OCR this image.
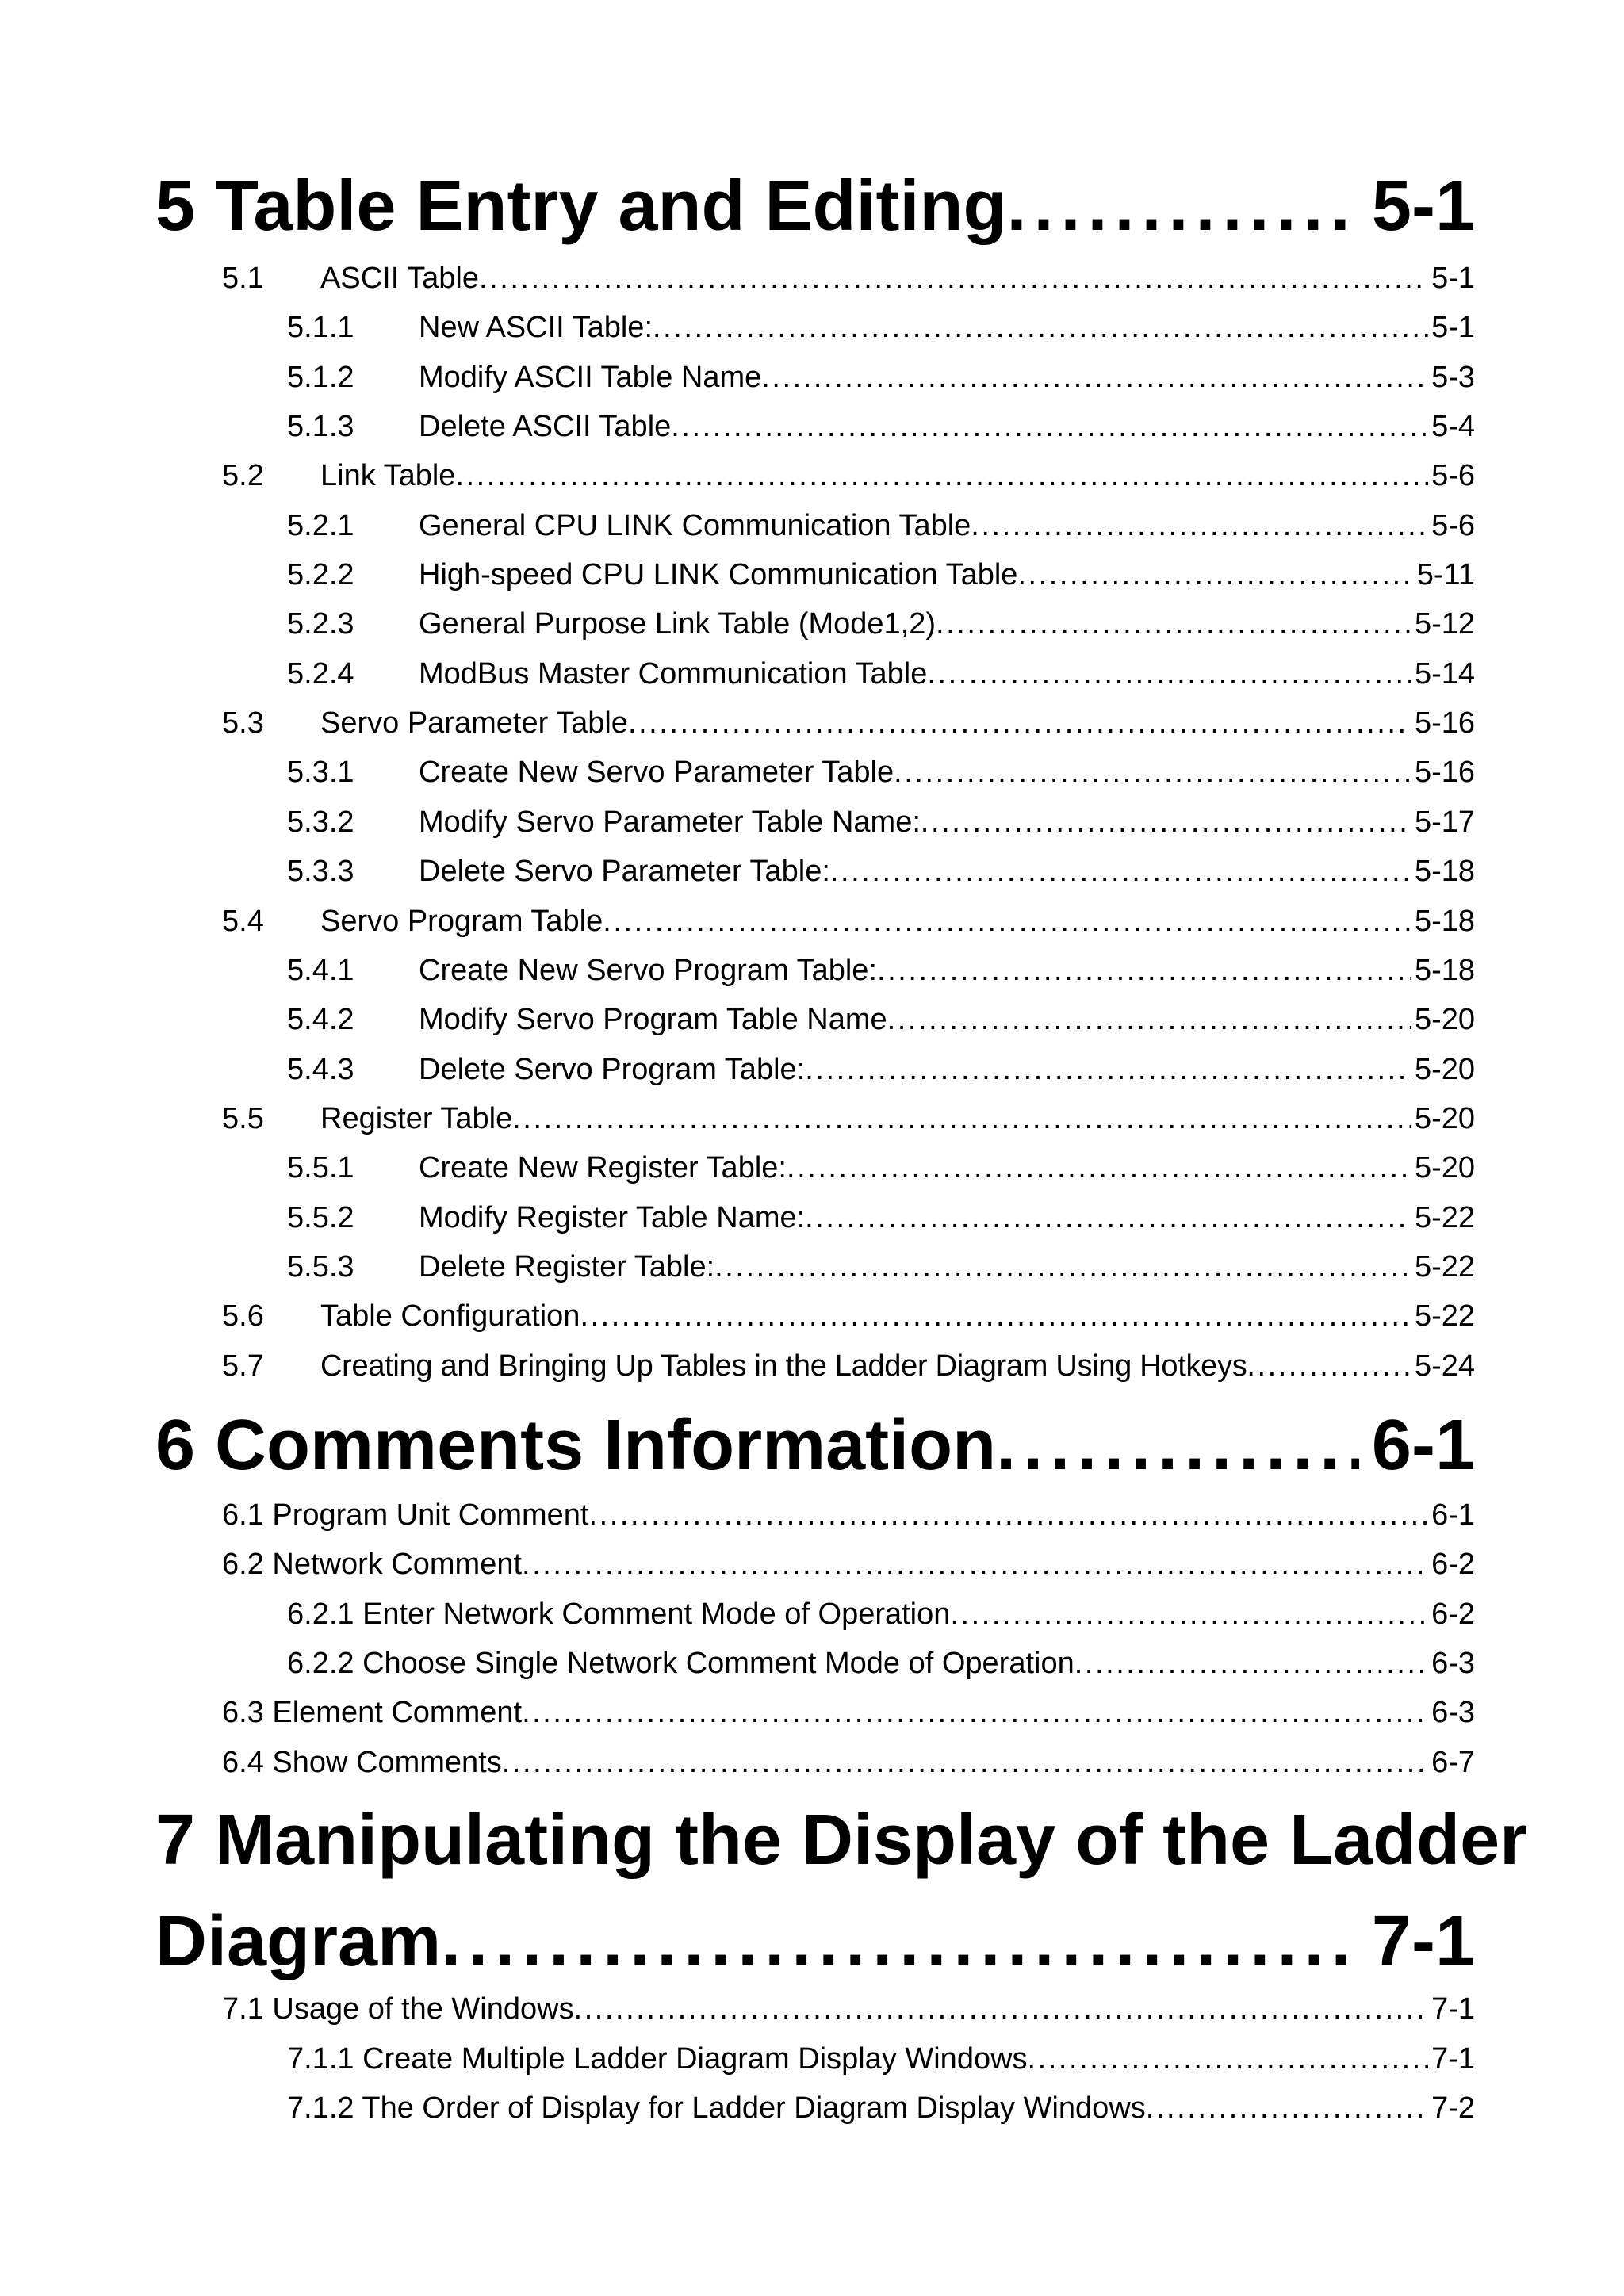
5 Table Entry and Editing . . .	5-1
5.1	ASCII Table . . .	5-1
5.1.1	New ASCII Table: . . .	5-1
5.1.2	Modify ASCII Table Name . . .	5-3
5.1.3	Delete ASCII Table . . .	5-4
5.2	Link Table . . .	5-6
5.2.1	General CPU LINK Communication Table . . .	5-6
5.2.2	High-speed CPU LINK Communication Table . . .	5-11
5.2.3	General Purpose Link Table (Mode1,2) . . .	5-12
5.2.4	ModBus Master Communication Table . . .	5-14
5.3	Servo Parameter Table . . .	5-16
5.3.1	Create New Servo Parameter Table . . .	5-16
5.3.2	Modify Servo Parameter Table Name: . . .	5-17
5.3.3	Delete Servo Parameter Table: . . .	5-18
5.4	Servo Program Table . . .	5-18
5.4.1	Create New Servo Program Table: . . .	5-18
5.4.2	Modify Servo Program Table Name . . .	5-20
5.4.3	Delete Servo Program Table: . . .	5-20
5.5	Register Table . . .	5-20
5.5.1	Create New Register Table: . . .	5-20
5.5.2	Modify Register Table Name: . . .	5-22
5.5.3	Delete Register Table: . . .	5-22
5.6	Table Configuration . . .	5-22
5.7	Creating and Bringing Up Tables in the Ladder Diagram Using Hotkeys . . .	5-24
6 Comments Information . . .	6-1
6.1 Program Unit Comment . . .	6-1
6.2 Network Comment . . .	6-2
6.2.1 Enter Network Comment Mode of Operation . . .	6-2
6.2.2 Choose Single Network Comment Mode of Operation . . .	6-3
6.3 Element Comment . . .	6-3
6.4 Show Comments . . .	6-7
7 Manipulating the Display of the Ladder
Diagram . . .	7-1
7.1 Usage of the Windows . . .	7-1
7.1.1 Create Multiple Ladder Diagram Display Windows . . .	7-1
7.1.2 The Order of Display for Ladder Diagram Display Windows . . .	7-2
